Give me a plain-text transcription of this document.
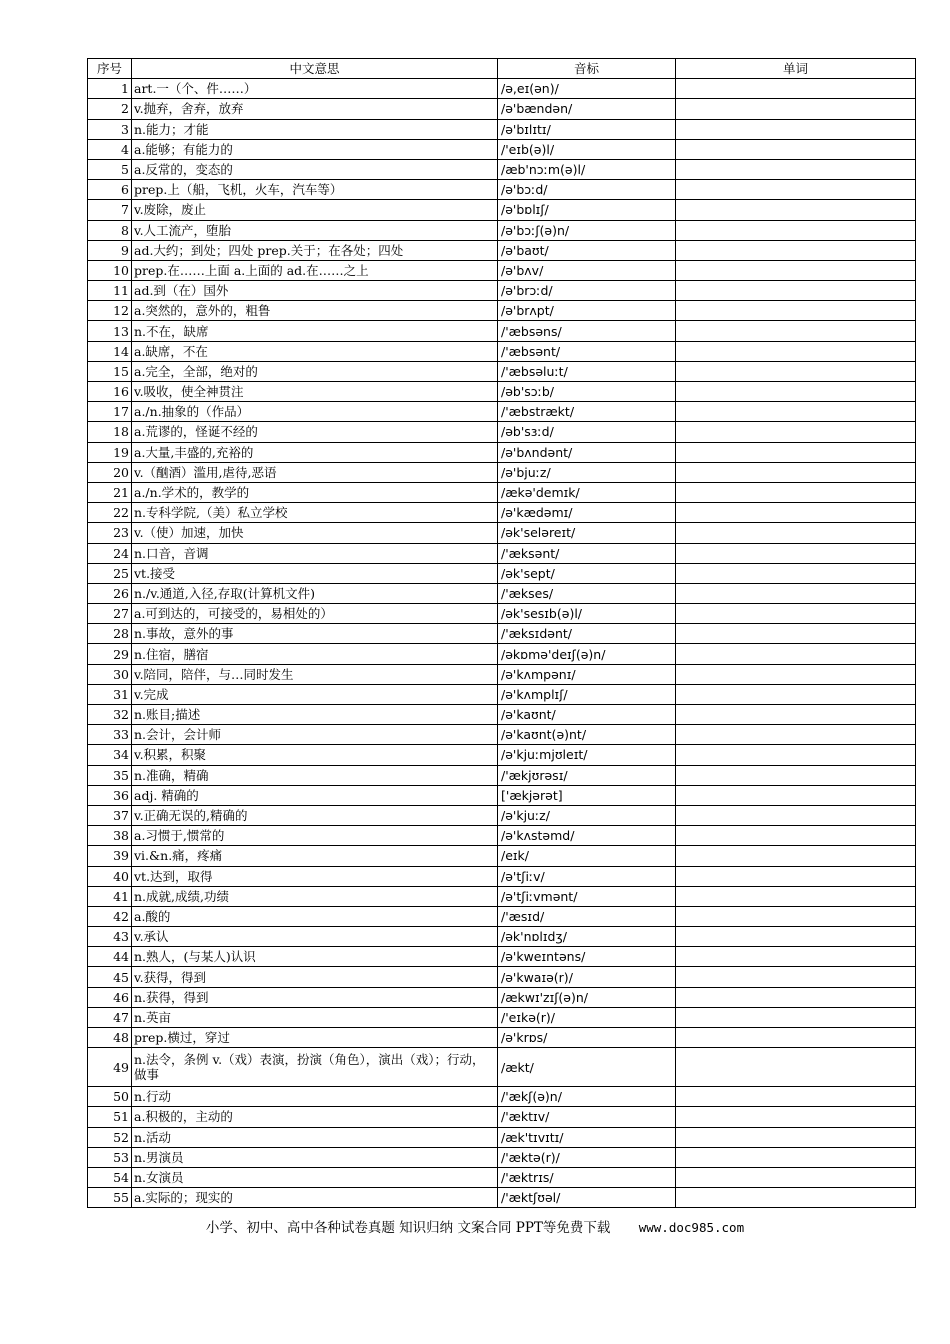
序号	中文意思	音标	单词
1	art.一（个、件……）	/ə,eɪ(ən)/	
2	v.抛弃，舍弃，放弃	/ə'bændən/	
3	n.能力；才能	/ə'bɪlɪtɪ/	
4	a.能够；有能力的	/'eɪb(ə)l/	
5	a.反常的，变态的	/æb'nɔːm(ə)l/	
6	prep.上（船，飞机，火车，汽车等）	/ə'bɔːd/	
7	v.废除，废止	/ə'bɒlɪʃ/	
8	v.人工流产，堕胎	/ə'bɔːʃ(ə)n/	
9	ad.大约；到处；四处 prep.关于；在各处；四处	/ə'baʊt/	
10	prep.在……上面 a.上面的 ad.在……之上	/ə'bʌv/	
11	ad.到（在）国外	/ə'brɔːd/	
12	a.突然的，意外的，粗鲁	/ə'brʌpt/	
13	n.不在，缺席	/'æbsəns/	
14	a.缺席，不在	/'æbsənt/	
15	a.完全，全部，绝对的	/'æbsəluːt/	
16	v.吸收，使全神贯注	/əb'sɔːb/	
17	a./n.抽象的（作品）	/'æbstrækt/	
18	a.荒谬的，怪诞不经的	/əb'sɜːd/	
19	a.大量,丰盛的,充裕的	/ə'bʌndənt/	
20	v.（酗酒）滥用,虐待,恶语	/ə'bjuːz/	
21	a./n.学术的，教学的	/ækə'demɪk/	
22	n.专科学院,（美）私立学校	/ə'kædəmɪ/	
23	v.（使）加速，加快	/ək'seləreɪt/	
24	n.口音，音调	/'æksənt/	
25	vt.接受	/ək'sept/	
26	n./v.通道,入径,存取(计算机文件)	/'ækses/	
27	a.可到达的，可接受的，易相处的）	/ək'sesɪb(ə)l/	
28	n.事故，意外的事	/'æksɪdənt/	
29	n.住宿，膳宿	/əkɒmə'deɪʃ(ə)n/	
30	v.陪同，陪伴，与…同时发生	/ə'kʌmpənɪ/	
31	v.完成	/ə'kʌmplɪʃ/	
32	n.账目;描述	/ə'kaʊnt/	
33	n.会计，会计师	/ə'kaʊnt(ə)nt/	
34	v.积累，积聚	/ə'kjuːmjʊleɪt/	
35	n.准确，精确	/'ækjʊrəsɪ/	
36	adj. 精确的	['ækjərət]	
37	v.正确无误的,精确的	/ə'kjuːz/	
38	a.习惯于,惯常的	/ə'kʌstəmd/	
39	vi.&n.痛，疼痛	/eɪk/	
40	vt.达到，取得	/ə'tʃiːv/	
41	n.成就,成绩,功绩	/ə'tʃiːvmənt/	
42	a.酸的	/'æsɪd/	
43	v.承认	/ək'nɒlɪdʒ/	
44	n.熟人，(与某人)认识	/ə'kweɪntəns/	
45	v.获得，得到	/ə'kwaɪə(r)/	
46	n.获得，得到	/ækwɪ'zɪʃ(ə)n/	
47	n.英亩	/'eɪkə(r)/	
48	prep.横过，穿过	/ə'krɒs/	
49	n.法令，条例 v.（戏）表演，扮演（角色），演出（戏）；行动，做事	/ækt/	
50	n.行动	/'ækʃ(ə)n/	
51	a.积极的，主动的	/'æktɪv/	
52	n.活动	/æk'tɪvɪtɪ/	
53	n.男演员	/'æktə(r)/	
54	n.女演员	/'æktrɪs/	
55	a.实际的；现实的	/'æktʃʊəl/	
小学、初中、高中各种试卷真题 知识归纳 文案合同 PPT等免费下载 www.doc985.com
